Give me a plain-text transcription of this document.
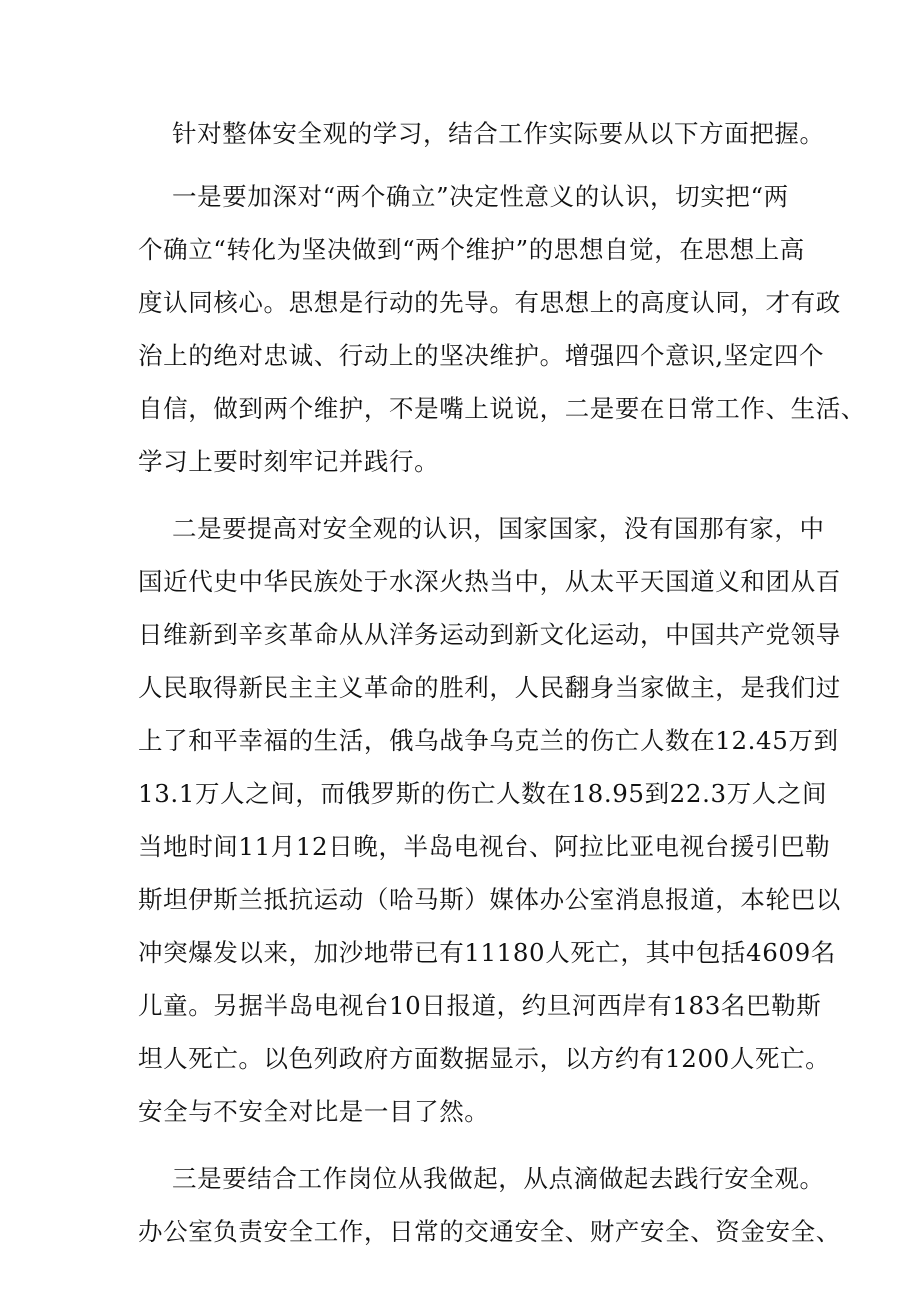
针对整体安全观的学习，结合工作实际要从以下方面把握。
一是要加深对“两个确立”决定性意义的认识，切实把“两
个确立“转化为坚决做到“两个维护”的思想自觉，在思想上高
度认同核心。思想是行动的先导。有思想上的高度认同，才有政
治上的绝对忠诚、行动上的坚决维护。增强四个意识,坚定四个
自信，做到两个维护，不是嘴上说说，二是要在日常工作、生活、
学习上要时刻牢记并践行。
二是要提高对安全观的认识，国家国家，没有国那有家，中
国近代史中华民族处于水深火热当中，从太平天国道义和团从百
日维新到辛亥革命从从洋务运动到新文化运动，中国共产党领导
人民取得新民主主义革命的胜利，人民翻身当家做主，是我们过
上了和平幸福的生活，俄乌战争乌克兰的伤亡人数在12.45万到
13.1万人之间，而俄罗斯的伤亡人数在18.95到22.3万人之间
当地时间11月12日晚，半岛电视台、阿拉比亚电视台援引巴勒
斯坦伊斯兰抵抗运动（哈马斯）媒体办公室消息报道，本轮巴以
冲突爆发以来，加沙地带已有11180人死亡，其中包括4609名
儿童。另据半岛电视台10日报道，约旦河西岸有183名巴勒斯
坦人死亡。以色列政府方面数据显示，以方约有1200人死亡。
安全与不安全对比是一目了然。
三是要结合工作岗位从我做起，从点滴做起去践行安全观。
办公室负责安全工作，日常的交通安全、财产安全、资金安全、
